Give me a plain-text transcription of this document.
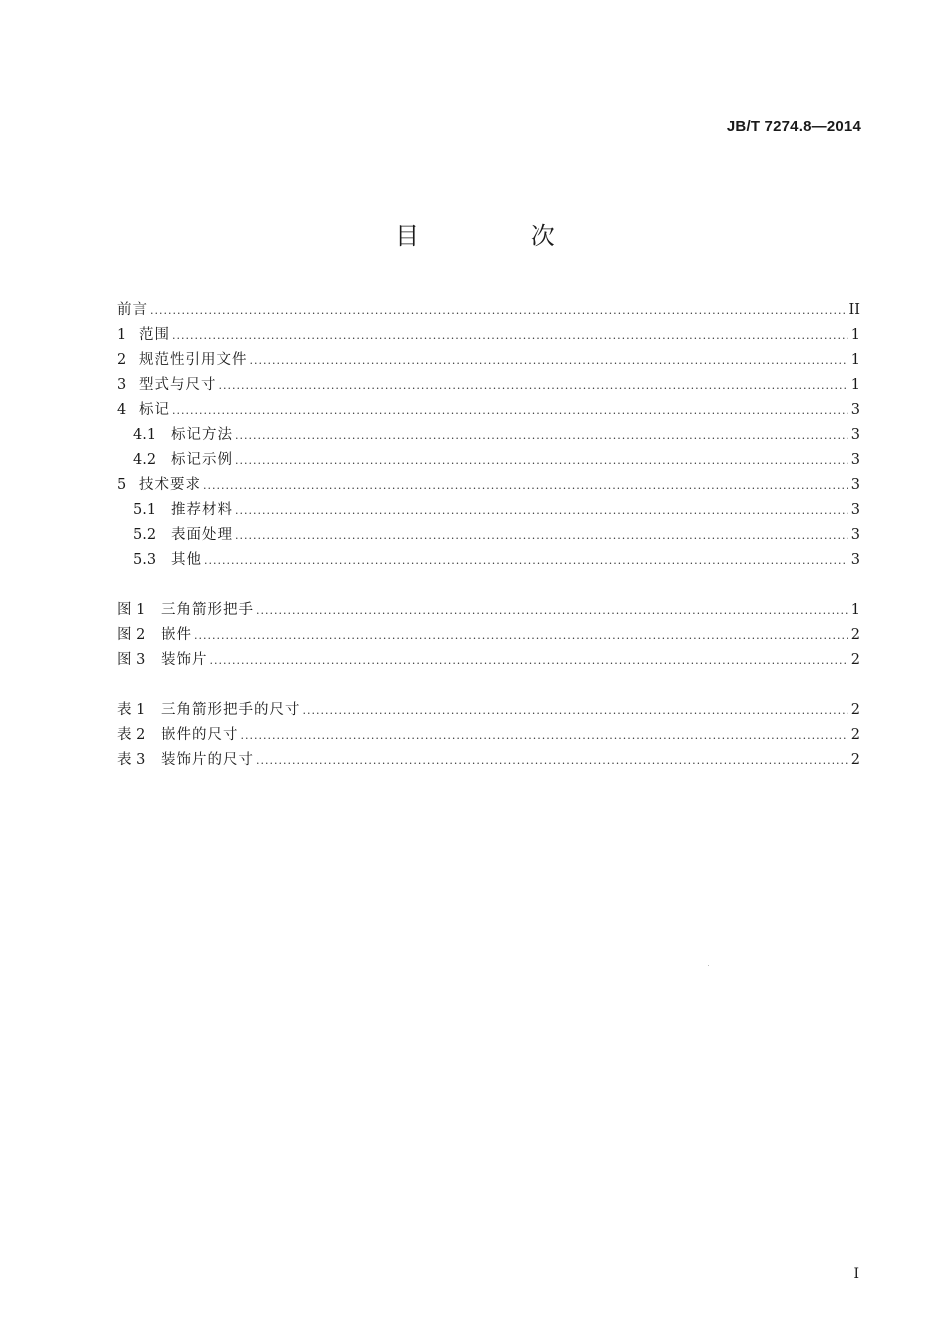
JB/T 7274.8—2014
目 次
前言 .....	II
1 范围 .....	1
2 规范性引用文件 .....	1
3 型式与尺寸 .....	1
4 标记 .....	3
4.1	标记方法 .....	3
4.2	标记示例 .....	3
5 技术要求 .....	3
5.1	推荐材料 .....	3
5.2	表面处理 .....	3
5.3	其他 .....	3
图 1	三角箭形把手 .....	1
图 2	嵌件 .....	2
图 3	装饰片 .....	2
表 1	三角箭形把手的尺寸 .....	2
表 2	嵌件的尺寸 .....	2
表 3	装饰片的尺寸 .....	2
I
